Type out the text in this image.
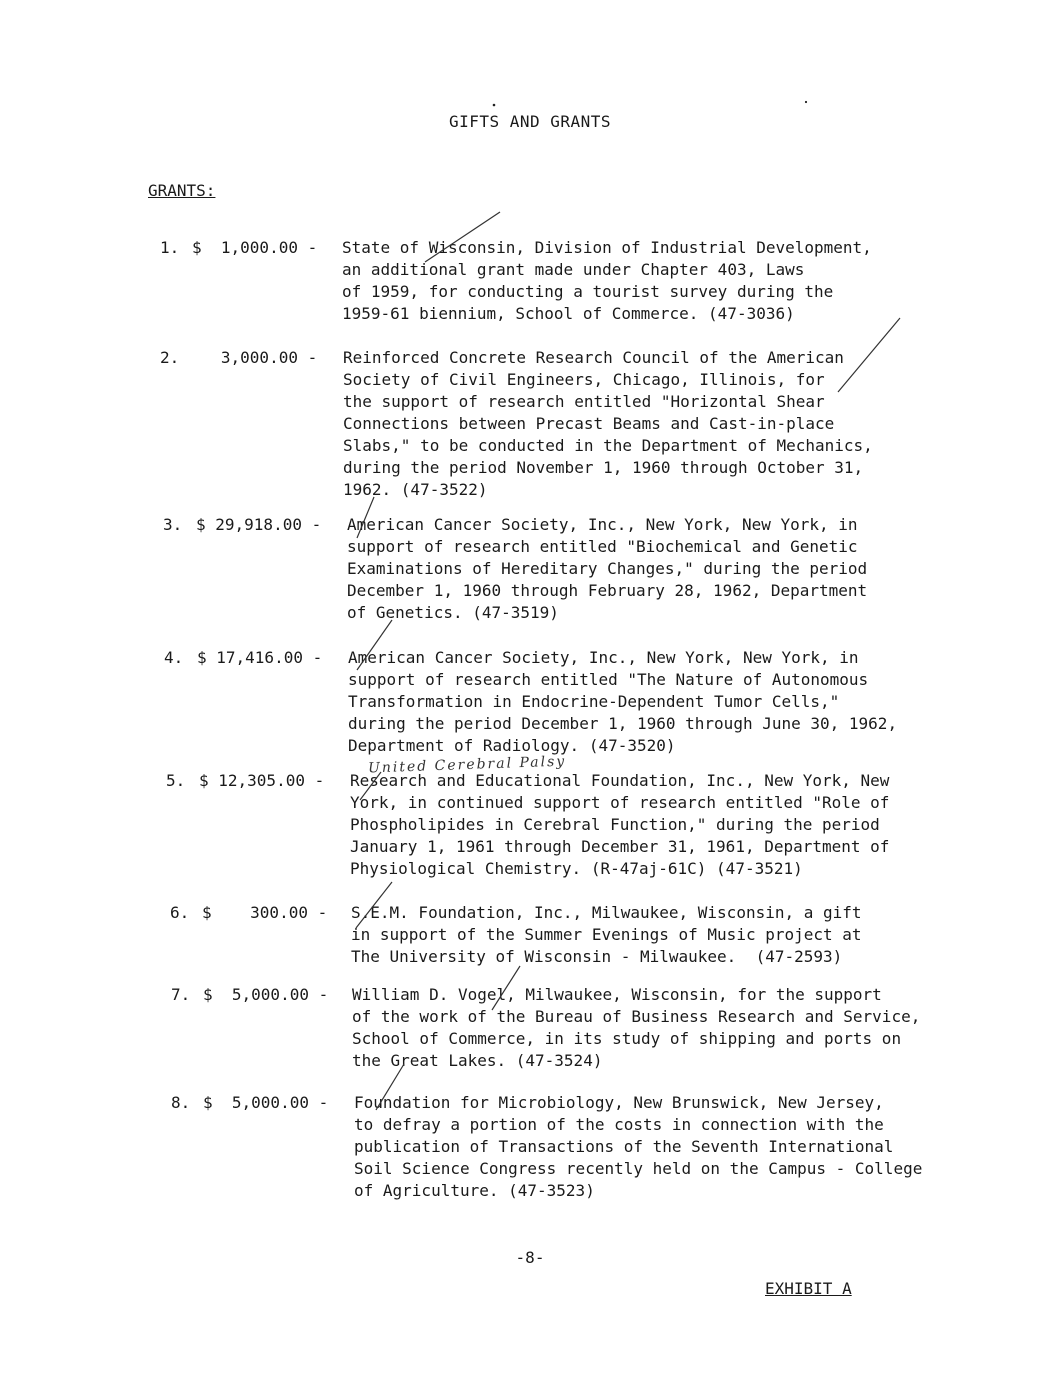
GIFTS AND GRANTS
GRANTS:
1. $  1,000.00 - State of Wisconsin, Division of Industrial Development,
an additional grant made under Chapter 403, Laws
of 1959, for conducting a tourist survey during the
1959-61 biennium, School of Commerce. (47-3036)
2. 3,000.00 - Reinforced Concrete Research Council of the American
Society of Civil Engineers, Chicago, Illinois, for
the support of research entitled "Horizontal Shear
Connections between Precast Beams and Cast-in-place
Slabs," to be conducted in the Department of Mechanics,
during the period November 1, 1960 through October 31,
1962. (47-3522)
3. $ 29,918.00 - American Cancer Society, Inc., New York, New York, in
support of research entitled "Biochemical and Genetic
Examinations of Hereditary Changes," during the period
December 1, 1960 through February 28, 1962, Department
of Genetics. (47-3519)
4. $ 17,416.00 - American Cancer Society, Inc., New York, New York, in
support of research entitled "The Nature of Autonomous
Transformation in Endocrine-Dependent Tumor Cells,"
during the period December 1, 1960 through June 30, 1962,
Department of Radiology. (47-3520)
5. $ 12,305.00 - Research and Educational Foundation, Inc., New York, New
York, in continued support of research entitled "Role of
Phospholipides in Cerebral Function," during the period
January 1, 1961 through December 31, 1961, Department of
Physiological Chemistry. (R-47aj-61C) (47-3521)
6. $    300.00 - S.E.M. Foundation, Inc., Milwaukee, Wisconsin, a gift
in support of the Summer Evenings of Music project at
The University of Wisconsin - Milwaukee.  (47-2593)
7. $  5,000.00 - William D. Vogel, Milwaukee, Wisconsin, for the support
of the work of the Bureau of Business Research and Service,
School of Commerce, in its study of shipping and ports on
the Great Lakes. (47-3524)
8. $  5,000.00 - Foundation for Microbiology, New Brunswick, New Jersey,
to defray a portion of the costs in connection with the
publication of Transactions of the Seventh International
Soil Science Congress recently held on the Campus - College
of Agriculture. (47-3523)
United Cerebral Palsy
-8-
EXHIBIT A
